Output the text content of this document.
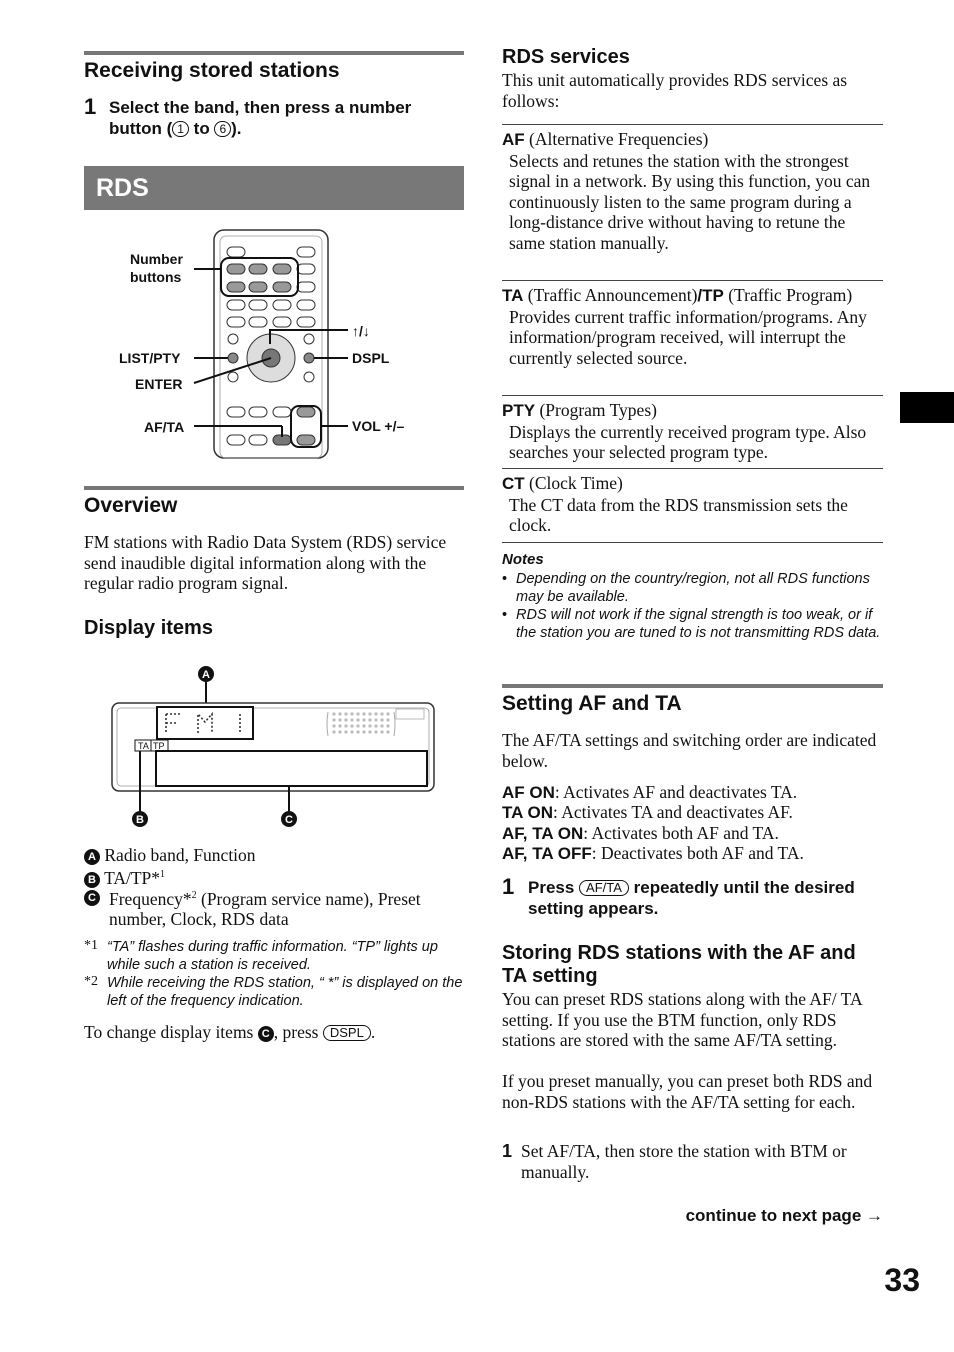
Receiving stored stations
1 Select the band, then press a number button ( 1 to 6 ).
RDS
Number
buttons
LIST/PTY
ENTER
AF/TA
↑/↓
DSPL
VOL +/–
Overview
FM stations with Radio Data System (RDS) service send inaudible digital information along with the regular radio program signal.
Display items
A
TA TP
B	C
A Radio band, Function
B TA/TP*$^1$
C Frequency*$^2$ (Program service name), Preset number, Clock, RDS data
*1 “TA” flashes during traffic information. “TP” lights up while such a station is received.
*2 While receiving the RDS station, “ *” is displayed on the left of the frequency indication.
To change display items C , press DSPL .
RDS services
This unit automatically provides RDS services as follows:
AF (Alternative Frequencies)
Selects and retunes the station with the strongest signal in a network. By using this function, you can continuously listen to the same program during a long-distance drive without having to retune the same station manually.
TA (Traffic Announcement)/TP (Traffic Program)
Provides current traffic information/programs. Any information/program received, will interrupt the currently selected source.
PTY (Program Types)
Displays the currently received program type. Also searches your selected program type.
CT (Clock Time)
The CT data from the RDS transmission sets the clock.
Notes
• Depending on the country/region, not all RDS functions may be available.
• RDS will not work if the signal strength is too weak, or if the station you are tuned to is not transmitting RDS data.
Setting AF and TA
The AF/TA settings and switching order are indicated below.
AF ON: Activates AF and deactivates TA.
TA ON: Activates TA and deactivates AF.
AF, TA ON: Activates both AF and TA.
AF, TA OFF: Deactivates both AF and TA.
1 Press AF/TA repeatedly until the desired setting appears.
Storing RDS stations with the AF and TA setting
You can preset RDS stations along with the AF/ TA setting. If you use the BTM function, only RDS stations are stored with the same AF/TA setting.
If you preset manually, you can preset both RDS and non-RDS stations with the AF/TA setting for each.
1 Set AF/TA, then store the station with BTM or manually.
continue to next page →
33
